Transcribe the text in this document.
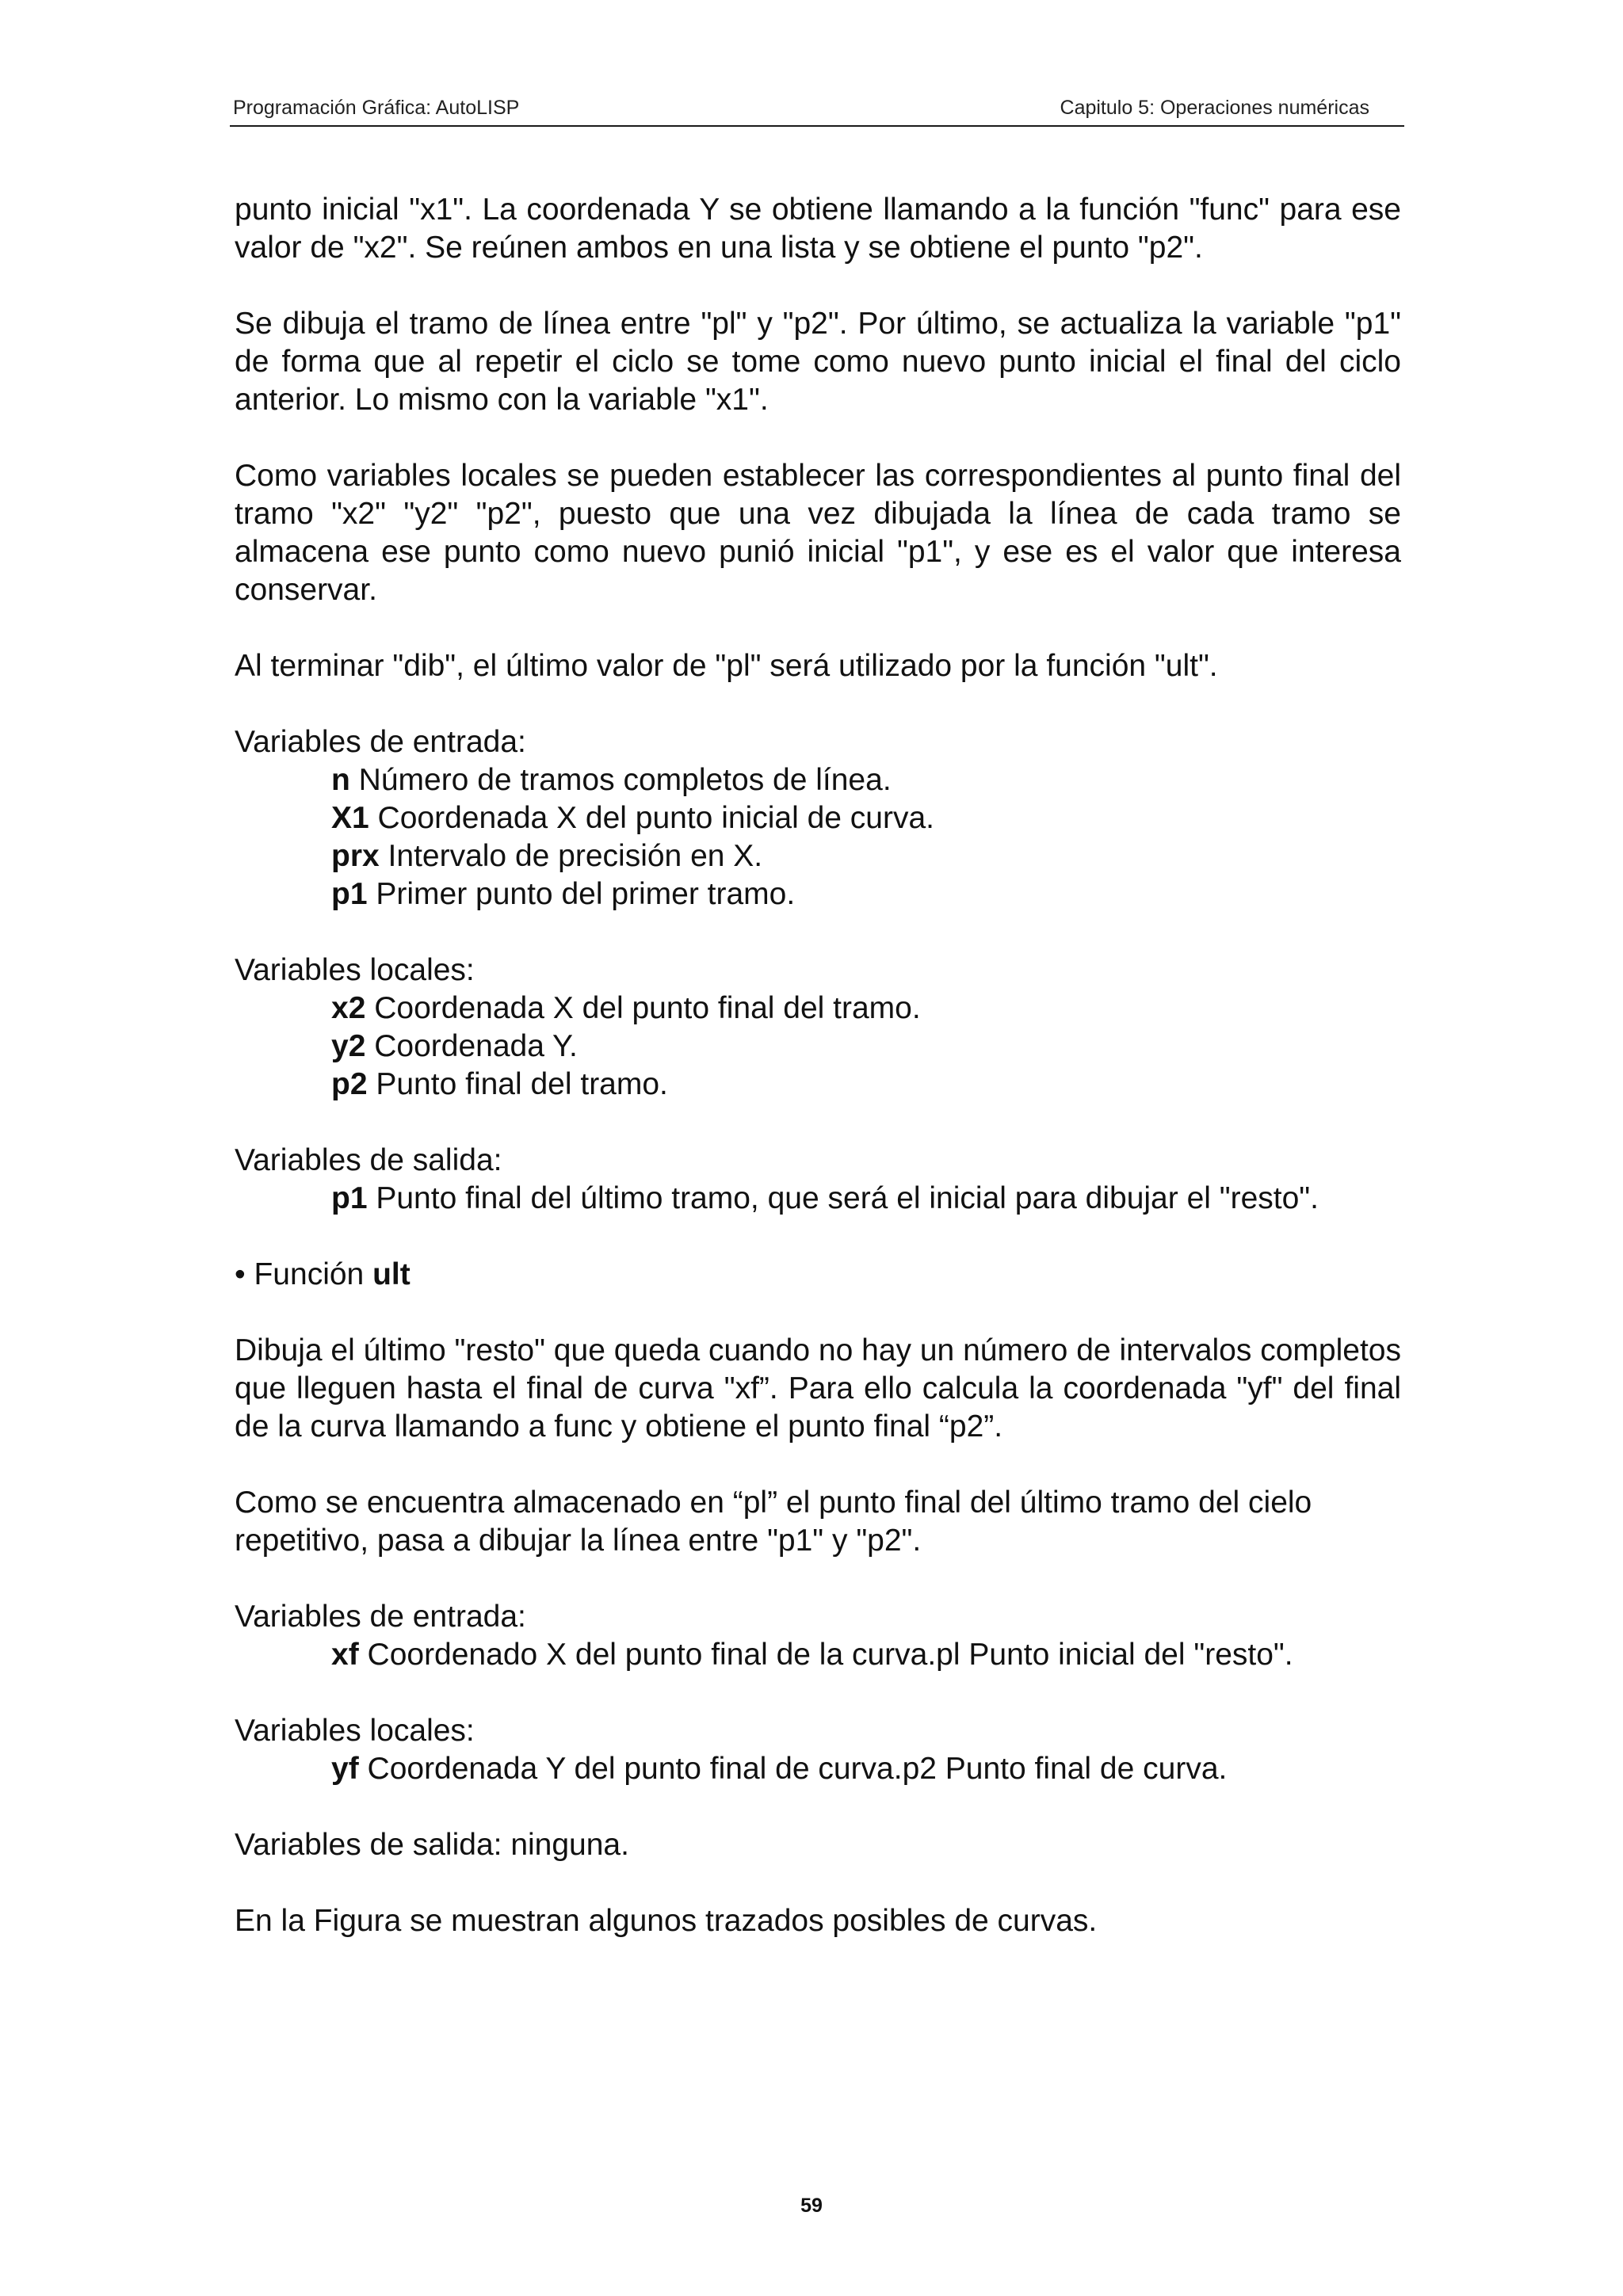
Programación Gráfica: AutoLISP	Capitulo 5: Operaciones numéricas

punto inicial "x1". La coordenada Y se obtiene llamando a la función "func" para ese valor de "x2". Se reúnen ambos en una lista y se obtiene el punto "p2".

Se dibuja el tramo de línea entre "pl" y "p2". Por último, se actualiza la variable "p1" de forma que al repetir el ciclo se tome como nuevo punto inicial el final del ciclo anterior. Lo mismo con la variable "x1".

Como variables locales se pueden establecer las correspondientes al punto final del tramo "x2" "y2" "p2", puesto que una vez dibujada la línea de cada tramo se almacena ese punto como nuevo punió inicial "p1", y ese es el valor que interesa conservar.

Al terminar "dib", el último valor de "pl" será utilizado por la función "ult".

Variables de entrada:

n Número de tramos completos de línea.

X1 Coordenada X del punto inicial de curva.

prx Intervalo de precisión en X.

p1 Primer punto del primer tramo.

Variables locales:

x2 Coordenada X del punto final del tramo.

y2 Coordenada Y.

p2 Punto final del tramo.

Variables de salida:

p1 Punto final del último tramo, que será el inicial para dibujar el "resto".

• Función ult

Dibuja el último "resto" que queda cuando no hay un número de intervalos completos que lleguen hasta el final de curva "xf”. Para ello calcula la coordenada "yf" del final de la curva llamando a func y obtiene el punto final “p2”.

Como se encuentra almacenado en “pl” el punto final del último tramo del cielo repetitivo, pasa a dibujar la línea entre "p1" y "p2".

Variables de entrada:

xf Coordenado X del punto final de la curva.pl Punto inicial del "resto".

Variables locales:

yf Coordenada Y del punto final de curva.p2 Punto final de curva.

Variables de salida: ninguna.

En la Figura se muestran algunos trazados posibles de curvas.

59
